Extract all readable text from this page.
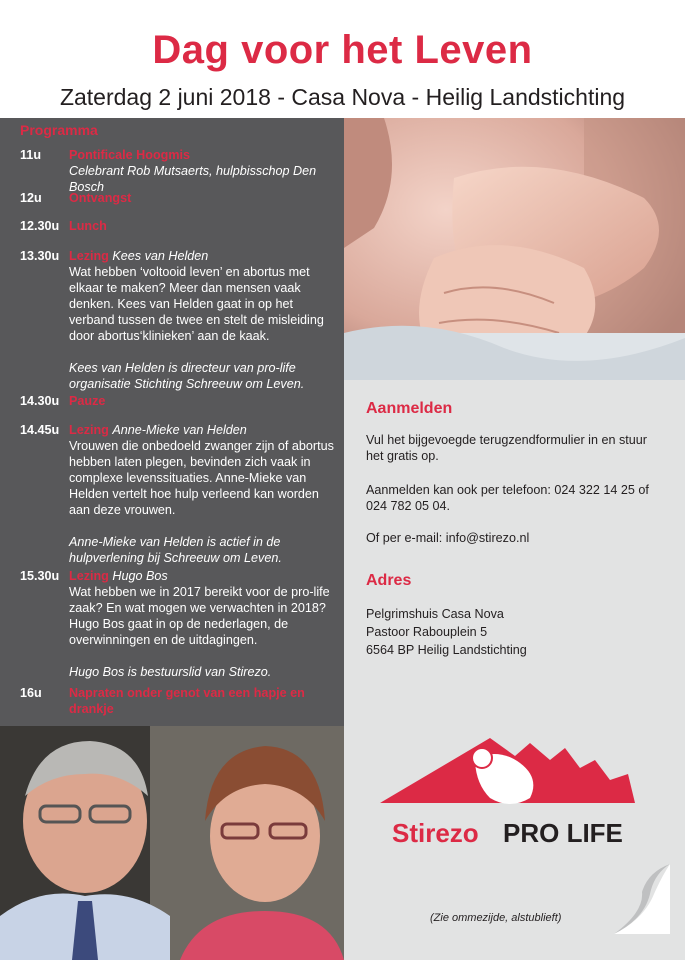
Dag voor het Leven
Zaterdag 2 juni 2018 - Casa Nova - Heilig Landstichting
Programma
11u	Pontificale Hoogmis
Celebrant Rob Mutsaerts, hulpbisschop Den Bosch
12u	Ontvangst
12.30u Lunch
13.30u Lezing Kees van Helden
Wat hebben ‘voltooid leven’ en abortus met elkaar te maken? Meer dan mensen vaak denken. Kees van Helden gaat in op het verband tussen de twee en stelt de misleiding door abortus‘klinieken’ aan de kaak.
Kees van Helden is directeur van pro-life organisatie Stichting Schreeuw om Leven.
14.30u Pauze
14.45u Lezing Anne-Mieke van Helden
Vrouwen die onbedoeld zwanger zijn of abortus hebben laten plegen, bevinden zich vaak in complexe levenssituaties. Anne-Mieke van Helden vertelt hoe hulp verleend kan worden aan deze vrouwen.
Anne-Mieke van Helden is actief in de hulpverlening bij Schreeuw om Leven.
15.30u Lezing Hugo Bos
Wat hebben we in 2017 bereikt voor de pro-life zaak? En wat mogen we verwachten in 2018? Hugo Bos gaat in op de nederlagen, de overwinningen en de uitdagingen.
Hugo Bos is bestuurslid van Stirezo.
16u	Napraten onder genot van een hapje en drankje
Aanmelden

Vul het bijgevoegde terugzendformulier in en stuur het gratis op.

Aanmelden kan ook per telefoon: 024 322 14 25 of 024 782 05 04.

Of per e-mail: info@stirezo.nl

Adres

Pelgrimshuis Casa Nova

Pastoor Rabouplein 5

6564 BP Heilig Landstichting

Stirezo PRO LIFE
(Zie ommezijde, alstublieft)
